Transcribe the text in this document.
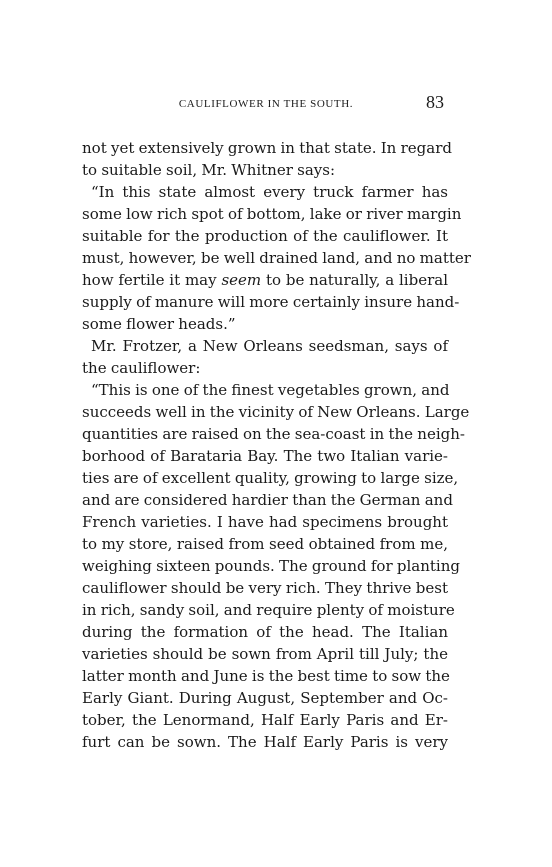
CAULIFLOWER IN THE SOUTH.	83
not yet extensively grown in that state. In regard
to suitable soil, Mr. Whitner says:
“In this state almost every truck farmer has
some low rich spot of bottom, lake or river margin
suitable for the production of the cauliflower. It
must, however, be well drained land, and no matter
how fertile it may seem to be naturally, a liberal
supply of manure will more certainly insure hand-
some flower heads.”
Mr. Frotzer, a New Orleans seedsman, says of
the cauliflower:
“This is one of the finest vegetables grown, and
succeeds well in the vicinity of New Orleans. Large
quantities are raised on the sea-coast in the neigh-
borhood of Barataria Bay. The two Italian varie-
ties are of excellent quality, growing to large size,
and are considered hardier than the German and
French varieties. I have had specimens brought
to my store, raised from seed obtained from me,
weighing sixteen pounds. The ground for planting
cauliflower should be very rich. They thrive best
in rich, sandy soil, and require plenty of moisture
during the formation of the head. The Italian
varieties should be sown from April till July; the
latter month and June is the best time to sow the
Early Giant. During August, September and Oc-
tober, the Lenormand, Half Early Paris and Er-
furt can be sown. The Half Early Paris is very
